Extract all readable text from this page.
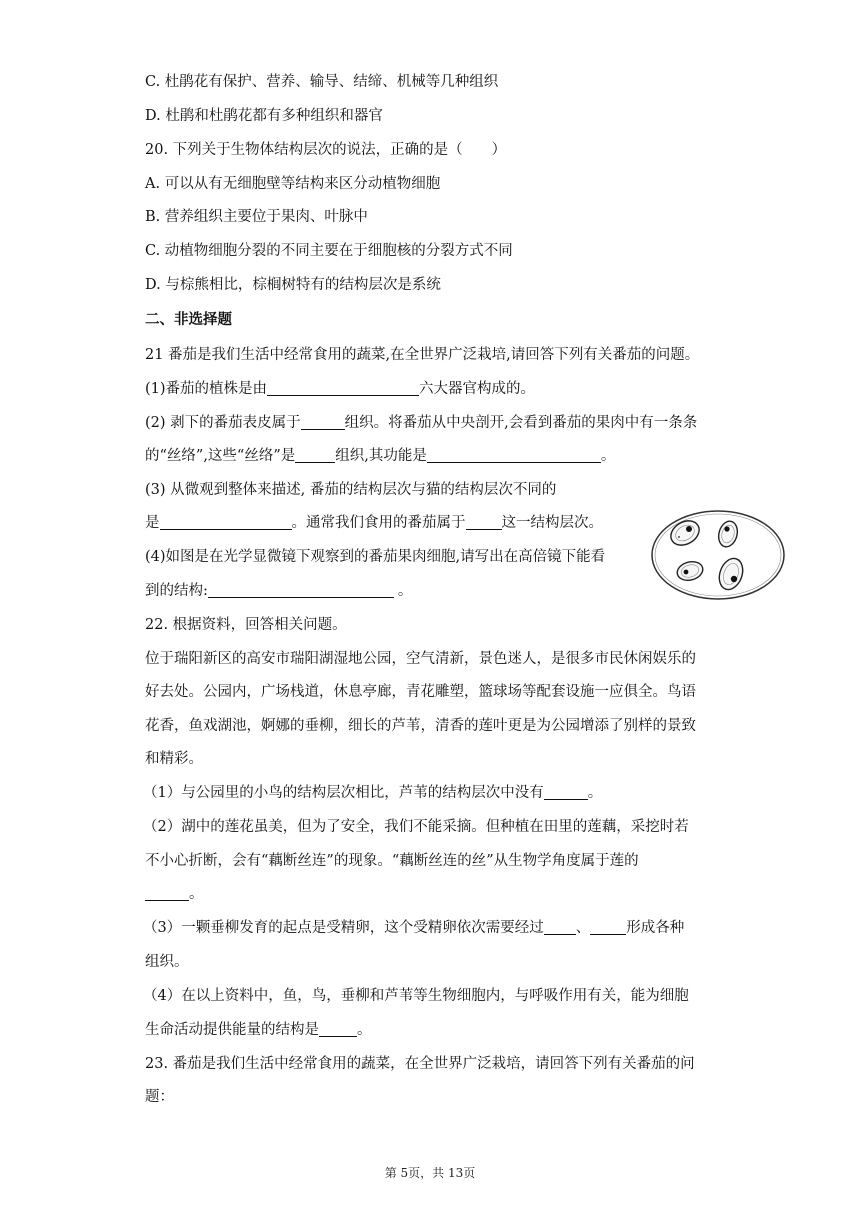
C. 杜鹃花有保护、营养、输导、结缔、机械等几种组织

D. 杜鹃和杜鹃花都有多种组织和器官

20. 下列关于生物体结构层次的说法，正确的是（　　）

A. 可以从有无细胞壁等结构来区分动植物细胞

B. 营养组织主要位于果肉、叶脉中

C. 动植物细胞分裂的不同主要在于细胞核的分裂方式不同

D. 与棕熊相比，棕榈树特有的结构层次是系统

二、非选择题

21 番茄是我们生活中经常食用的蔬菜,在全世界广泛栽培,请回答下列有关番茄的问题。

(1)番茄的植株是由	六大器官构成的。

(2) 剥下的番茄表皮属于	组织。将番茄从中央剖开,会看到番茄的果肉中有一条条

的“丝络”,这些“丝络”是	组织,其功能是	。

(3) 从微观到整体来描述, 番茄的结构层次与猫的结构层次不同的

是	。通常我们食用的番茄属于 这一结构层次。

(4)如图是在光学显微镜下观察到的番茄果肉细胞,请写出在高倍镜下能看

到的结构:	。

22. 根据资料，回答相关问题。

位于瑞阳新区的高安市瑞阳湖湿地公园，空气清新，景色迷人，是很多市民休闲娱乐的

好去处。公园内，广场栈道，休息亭廊，青花雕塑，篮球场等配套设施一应俱全。鸟语

花香，鱼戏湖池，婀娜的垂柳，细长的芦苇，清香的莲叶更是为公园增添了别样的景致

和精彩。

（1）与公园里的小鸟的结构层次相比，芦苇的结构层次中没有	。

（2）湖中的莲花虽美，但为了安全，我们不能采摘。但种植在田里的莲藕，采挖时若

不小心折断，会有“藕断丝连”的现象。“藕断丝连的丝”从生物学角度属于莲的

。

（3）一颗垂柳发育的起点是受精卵，这个受精卵依次需要经过 、 形成各种

组织。

（4）在以上资料中，鱼，鸟，垂柳和芦苇等生物细胞内，与呼吸作用有关，能为细胞

生命活动提供能量的结构是	。

23. 番茄是我们生活中经常食用的蔬菜，在全世界广泛栽培，请回答下列有关番茄的问

题：

第 5页，共 13页
